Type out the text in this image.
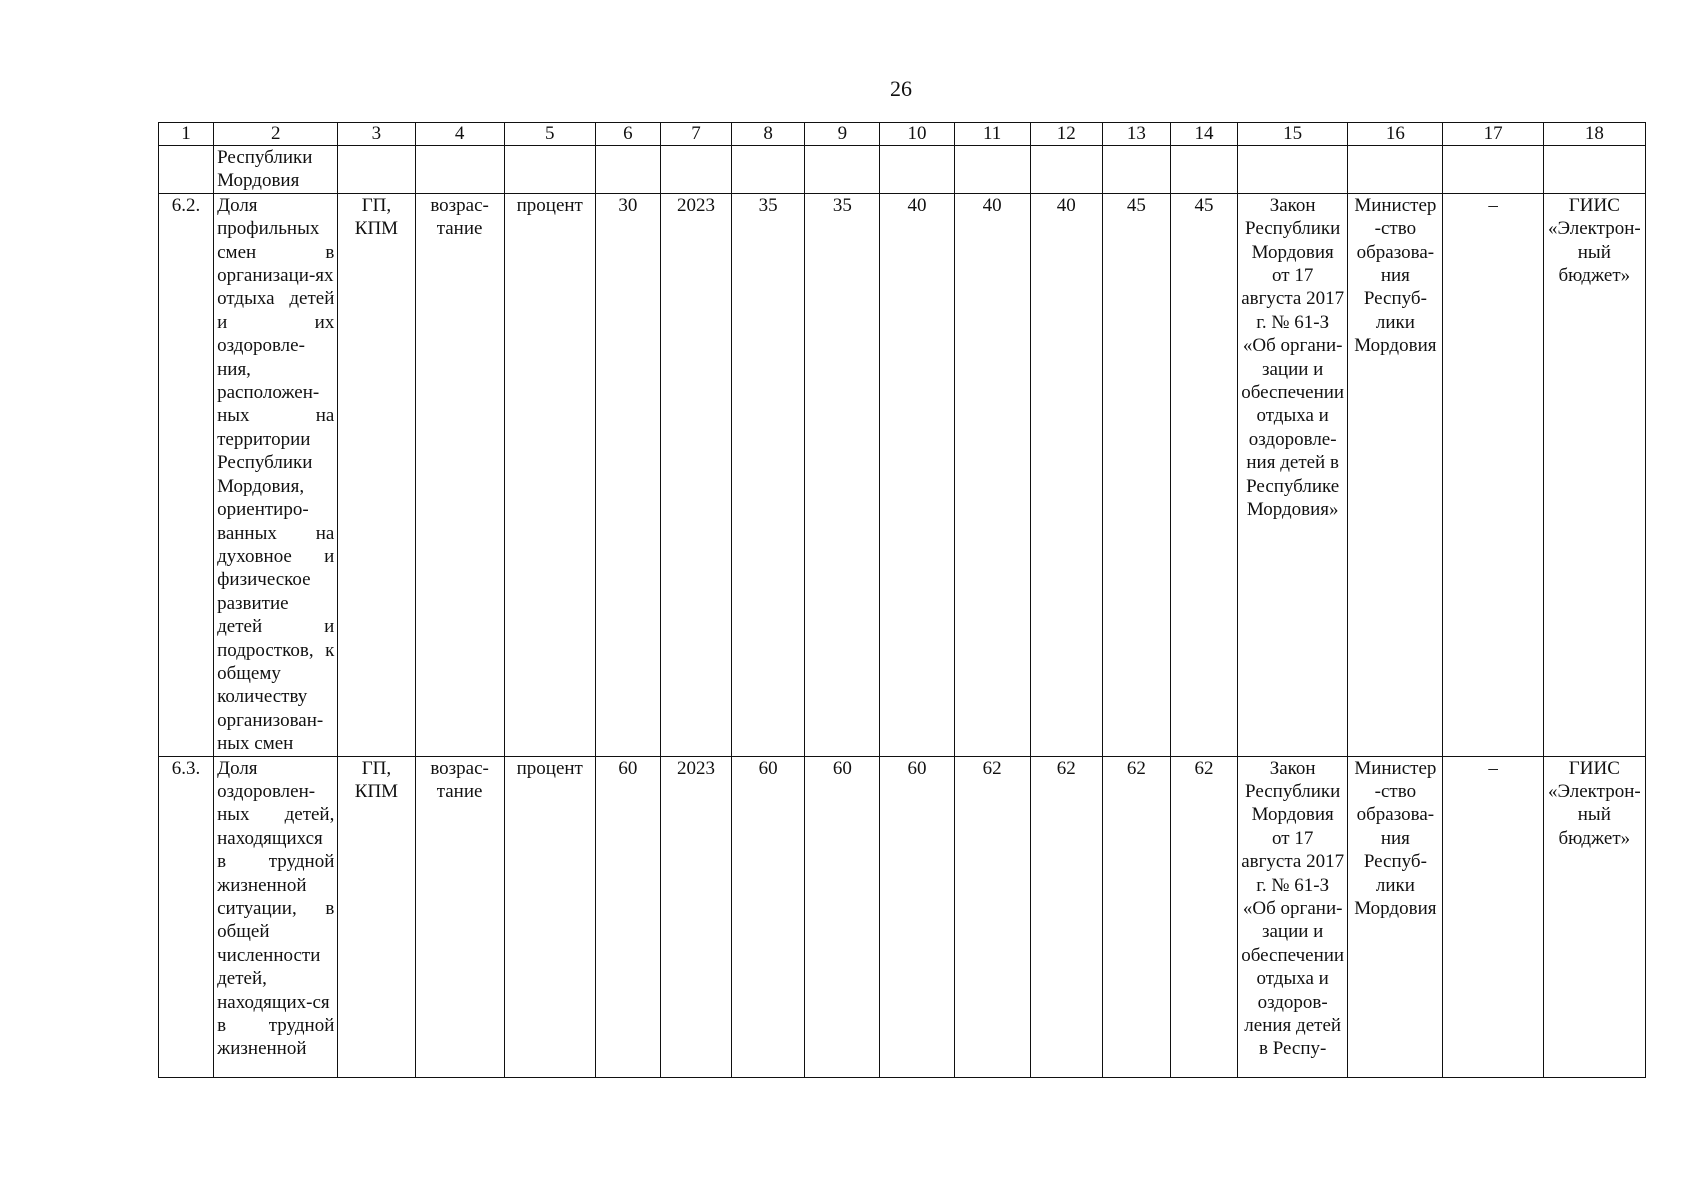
26
1	2	3	4	5	6	7	8	9	10	11	12	13	14	15	16	17	18
	Республики Мордовия																
6.2.	Доля профильных смен в организаци-ях отдыха детей и их оздоровле-ния, расположен-ных на территории Республики Мордовия, ориентиро-ванных на духовное и физическое развитие детей и подростков, к общему количеству организован-ных смен	ГП, КПМ	возрас-тание	процент	30	2023	35	35	40	40	40	45	45	Закон Республики Мордовия от 17 августа 2017 г. № 61-З «Об органи-зации и обеспечении отдыха и оздоровле-ния детей в Республике Мордовия»	Министер-ство образова-ния Респуб-лики Мордовия	–	ГИИС «Электрон-ный бюджет»
6.3.	Доля оздоровлен-ных детей, находящихся в трудной жизненной ситуации, в общей численности детей, находящих-ся в трудной жизненной	ГП, КПМ	возрас-тание	процент	60	2023	60	60	60	62	62	62	62	Закон Республики Мордовия от 17 августа 2017 г. № 61-З «Об органи-зации и обеспечении отдыха и оздоров-ления детей в Респу-	Министер-ство образова-ния Респуб-лики Мордовия	–	ГИИС «Электрон-ный бюджет»
